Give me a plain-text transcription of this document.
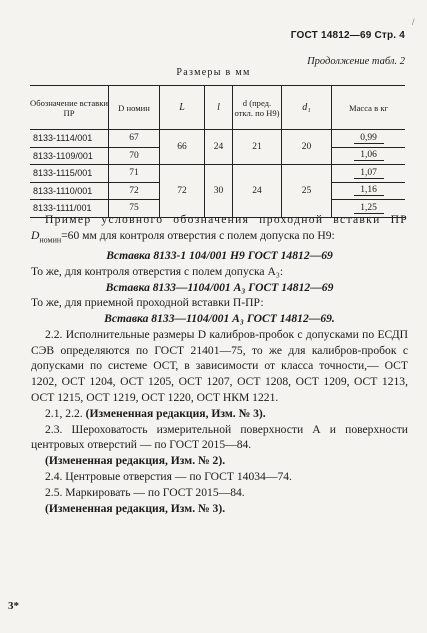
/
ГОСТ 14812—69 Стр. 4
Продолжение табл. 2
Размеры в мм
Обозначение вставки ПР	D номин	L	l	d (пред. откл. по Н9)	d₁	Масса в кг
8133-1114/001	67	66	24	21	20	0,99
8133-1109/001	70					1,06
8133-1115/001	71	72	30	24	25	1,07
8133-1110/001	72					1,16
8133-1111/001	75					1,25

Пример условного обозначения проходной вставки ПР $D_{номин}=60$ мм для контроля отверстия с полем допуска по Н9:

Вставка 8133-1 104/001 Н9 ГОСТ 14812—69

То же, для контроля отверстия с полем допуска A₃:

Вставка 8133—1104/001 A₃ ГОСТ 14812—69

То же, для приемной проходной вставки П-ПР:

Вставка 8133—1104/001 A₃ ГОСТ 14812—69.

2.2. Исполнительные размеры D калибров-пробок с допусками по ЕСДП СЭВ определяются по ГОСТ 21401—75, то же для калибров-пробок с допусками по системе ОСТ, в зависимости от класса точности,— ОСТ 1202, ОСТ 1204, ОСТ 1205, ОСТ 1207, ОСТ 1208, ОСТ 1209, ОСТ 1213, ОСТ 1215, ОСТ 1219, ОСТ 1220, ОСТ НКМ 1221.

2.1, 2.2. (Измененная редакция, Изм. № 3).

2.3. Шероховатость измерительной поверхности А и поверхности центровых отверстий — по ГОСТ 2015—84.

(Измененная редакция, Изм. № 2).

2.4. Центровые отверстия — по ГОСТ 14034—74.

2.5. Маркировать — по ГОСТ 2015—84.

(Измененная редакция, Изм. № 3).

3*
